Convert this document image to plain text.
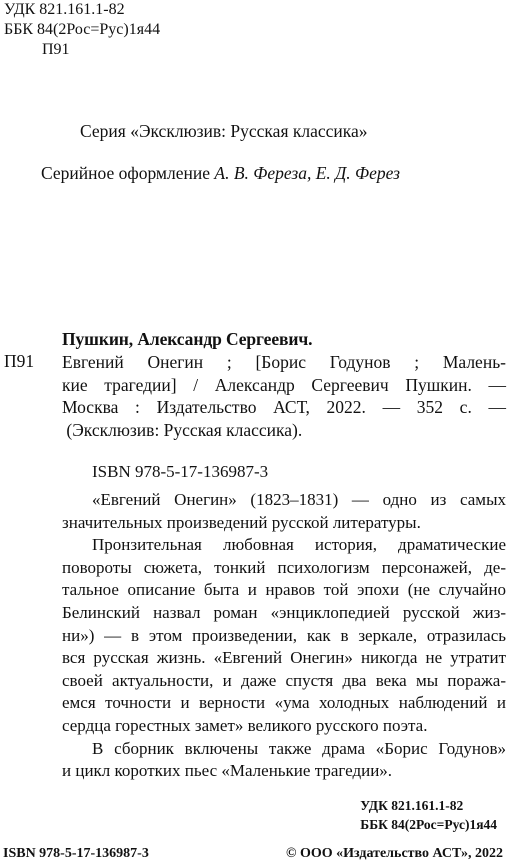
УДК 821.161.1-82
ББК 84(2Рос=Рус)1я44
П91
Серия «Эксклюзив: Русская классика»
Серийное оформление А. В. Фереза, Е. Д. Ферез
Пушкин, Александр Сергеевич.
П91 Евгений Онегин ; [Борис Годунов ; Малень-
кие трагедии] / Александр Сергеевич Пушкин. —
Москва : Издательство АСТ, 2022. — 352 с. —
(Эксклюзив: Русская классика).
ISBN 978-5-17-136987-3
«Евгений Онегин» (1823–1831) — одно из самых
значительных произведений русской литературы.
Пронзительная любовная история, драматические
повороты сюжета, тонкий психологизм персонажей, де-
тальное описание быта и нравов той эпохи (не случайно
Белинский назвал роман «энциклопедией русской жиз-
ни») — в этом произведении, как в зеркале, отразилась
вся русская жизнь. «Евгений Онегин» никогда не утратит
своей актуальности, и даже спустя два века мы поража-
емся точности и верности «ума холодных наблюдений и
сердца горестных замет» великого русского поэта.
В сборник включены также драма «Борис Годунов»
и цикл коротких пьес «Маленькие трагедии».
УДК 821.161.1-82
ББК 84(2Рос=Рус)1я44
ISBN 978-5-17-136987-3	© ООО «Издательство АСТ», 2022
